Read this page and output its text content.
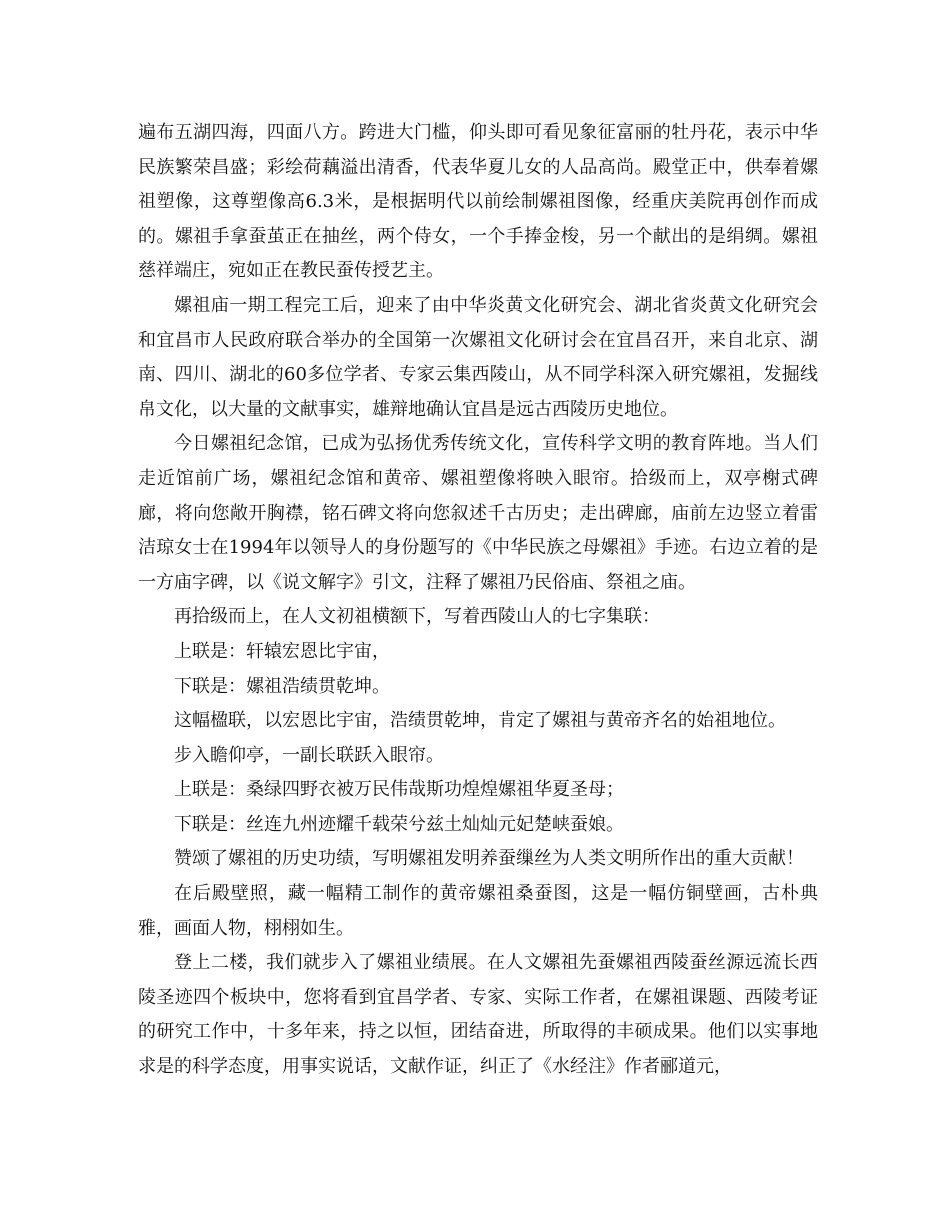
遍布五湖四海，四面八方。跨进大门槛，仰头即可看见象征富丽的牡丹花，表示中华民族繁荣昌盛；彩绘荷藕溢出清香，代表华夏儿女的人品高尚。殿堂正中，供奉着嫘祖塑像，这尊塑像高6.3米，是根据明代以前绘制嫘祖图像，经重庆美院再创作而成的。嫘祖手拿蚕茧正在抽丝，两个侍女，一个手捧金梭，另一个献出的是绢绸。嫘祖慈祥端庄，宛如正在教民蚕传授艺主。

嫘祖庙一期工程完工后，迎来了由中华炎黄文化研究会、湖北省炎黄文化研究会和宜昌市人民政府联合举办的全国第一次嫘祖文化研讨会在宜昌召开，来自北京、湖南、四川、湖北的60多位学者、专家云集西陵山，从不同学科深入研究嫘祖，发掘线帛文化，以大量的文献事实，雄辩地确认宜昌是远古西陵历史地位。

今日嫘祖纪念馆，已成为弘扬优秀传统文化，宣传科学文明的教育阵地。当人们走近馆前广场，嫘祖纪念馆和黄帝、嫘祖塑像将映入眼帘。拾级而上，双亭榭式碑廊，将向您敞开胸襟，铭石碑文将向您叙述千古历史；走出碑廊，庙前左边竖立着雷洁琼女士在1994年以领导人的身份题写的《中华民族之母嫘祖》手迹。右边立着的是一方庙字碑，以《说文解字》引文，注释了嫘祖乃民俗庙、祭祖之庙。

再拾级而上，在人文初祖横额下，写着西陵山人的七字集联：

上联是：轩辕宏恩比宇宙，

下联是：嫘祖浩绩贯乾坤。

这幅楹联，以宏恩比宇宙，浩绩贯乾坤，肯定了嫘祖与黄帝齐名的始祖地位。

步入瞻仰亭，一副长联跃入眼帘。

上联是：桑绿四野衣被万民伟哉斯功煌煌嫘祖华夏圣母；

下联是：丝连九州迹耀千载荣兮兹土灿灿元妃楚峡蚕娘。

赞颂了嫘祖的历史功绩，写明嫘祖发明养蚕缫丝为人类文明所作出的重大贡献！

在后殿壁照，藏一幅精工制作的黄帝嫘祖桑蚕图，这是一幅仿铜壁画，古朴典雅，画面人物，栩栩如生。

登上二楼，我们就步入了嫘祖业绩展。在人文嫘祖先蚕嫘祖西陵蚕丝源远流长西陵圣迹四个板块中，您将看到宜昌学者、专家、实际工作者，在嫘祖课题、西陵考证的研究工作中，十多年来，持之以恒，团结奋进，所取得的丰硕成果。他们以实事地求是的科学态度，用事实说话，文献作证，纠正了《水经注》作者郦道元，
